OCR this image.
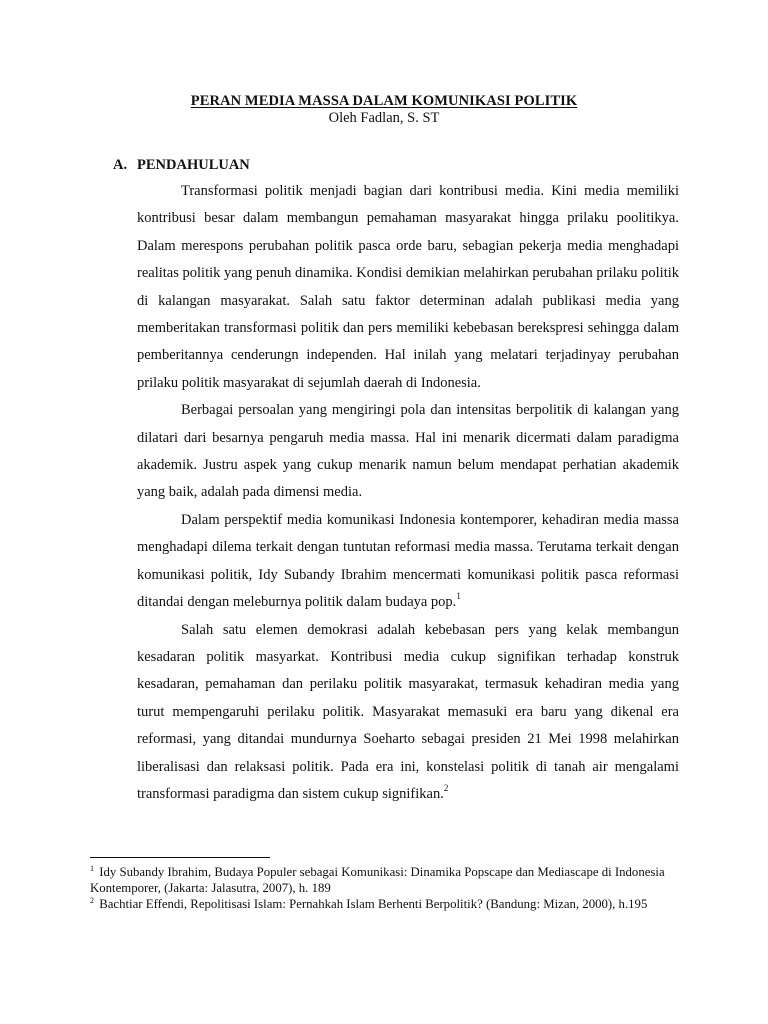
PERAN MEDIA MASSA DALAM KOMUNIKASI POLITIK
Oleh Fadlan, S. ST
A. PENDAHULUAN

Transformasi politik menjadi bagian dari kontribusi media. Kini media memiliki kontribusi besar dalam membangun pemahaman masyarakat hingga prilaku poolitikya. Dalam merespons perubahan politik pasca orde baru, sebagian pekerja media menghadapi realitas politik yang penuh dinamika. Kondisi demikian melahirkan perubahan prilaku politik di kalangan masyarakat. Salah satu faktor determinan adalah publikasi media yang memberitakan transformasi politik dan pers memiliki kebebasan berekspresi sehingga dalam pemberitannya cenderungn independen. Hal inilah yang melatari terjadinyay perubahan prilaku politik masyarakat di sejumlah daerah di Indonesia.

Berbagai persoalan yang mengiringi pola dan intensitas berpolitik di kalangan yang dilatari dari besarnya pengaruh media massa. Hal ini menarik dicermati dalam paradigma akademik. Justru aspek yang cukup menarik namun belum mendapat perhatian akademik yang baik, adalah pada dimensi media.

Dalam perspektif media komunikasi Indonesia kontemporer, kehadiran media massa menghadapi dilema terkait dengan tuntutan reformasi media massa. Terutama terkait dengan komunikasi politik, Idy Subandy Ibrahim mencermati komunikasi politik pasca reformasi ditandai dengan meleburnya politik dalam budaya pop.$^1$

Salah satu elemen demokrasi adalah kebebasan pers yang kelak membangun kesadaran politik masyarkat. Kontribusi media cukup signifikan terhadap konstruk kesadaran, pemahaman dan perilaku politik masyarakat, termasuk kehadiran media yang turut mempengaruhi perilaku politik. Masyarakat memasuki era baru yang dikenal era reformasi, yang ditandai mundurnya Soeharto sebagai presiden 21 Mei 1998 melahirkan liberalisasi dan relaksasi politik. Pada era ini, konstelasi politik di tanah air mengalami transformasi paradigma dan sistem cukup signifikan.$^2$

$^1$ Idy Subandy Ibrahim, Budaya Populer sebagai Komunikasi: Dinamika Popscape dan Mediascape di Indonesia Kontemporer, (Jakarta: Jalasutra, 2007), h. 189

$^2$ Bachtiar Effendi, Repolitisasi Islam: Pernahkah Islam Berhenti Berpolitik? (Bandung: Mizan, 2000), h.195
